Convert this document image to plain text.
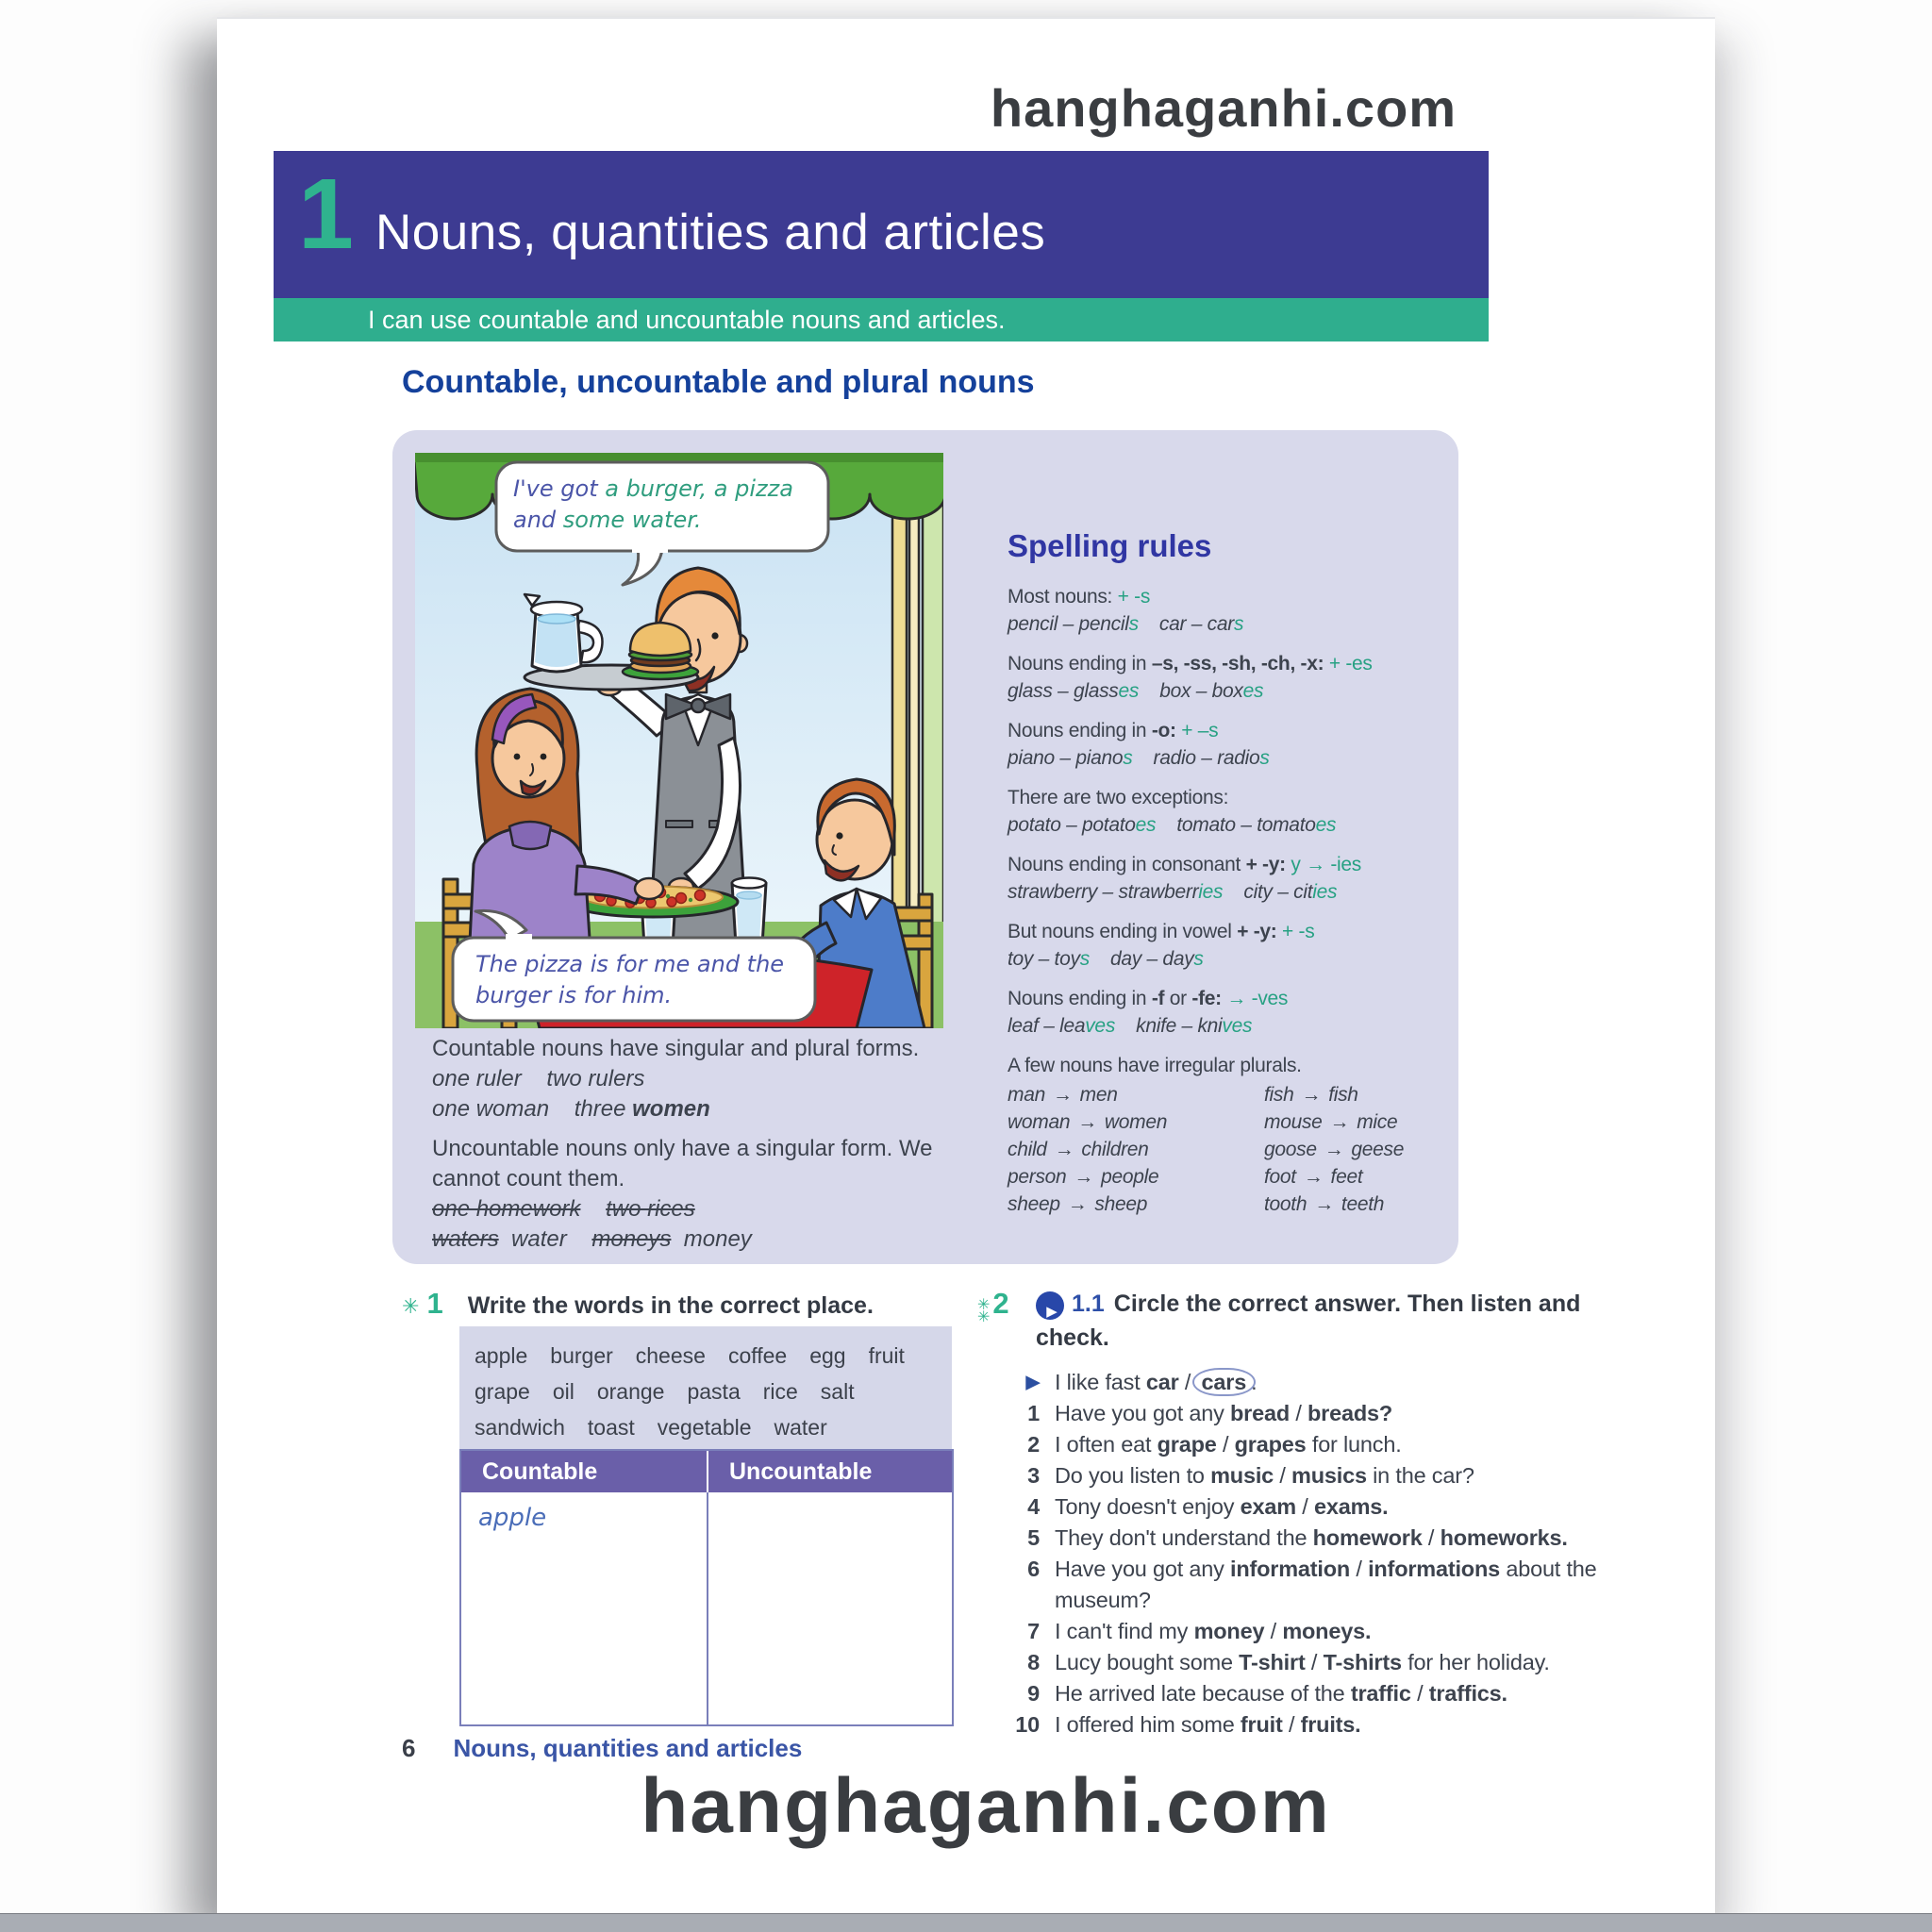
hanghaganhi.com
1 Nouns, quantities and articles
I can use countable and uncountable nouns and articles.
Countable, uncountable and plural nouns
I've got a burger, a pizza and some water.
The pizza is for me and the burger is for him.
Countable nouns have singular and plural forms.
one ruler    two rulers
one woman    three women
Uncountable nouns only have a singular form. We cannot count them.
one homework two rices
waters  water    moneys  money
Spelling rules
Most nouns: + -s
pencil – pencils    car – cars
Nouns ending in –s, -ss, -sh, -ch, -x: + -es
glass – glasses    box – boxes
Nouns ending in -o: + –s
piano – pianos    radio – radios
There are two exceptions:
potato – potatoes    tomato – tomatoes
Nouns ending in consonant + -y: y → -ies
strawberry – strawberries    city – cities
But nouns ending in vowel + -y: + -s
toy – toys    day – days
Nouns ending in -f or -fe: → -ves
leaf – leaves    knife – knives
A few nouns have irregular plurals.
man → men
woman → women
child → children
person → people
sheep → sheep
fish → fish
mouse → mice
goose → geese
foot → feet
tooth → teeth
✳ 1 Write the words in the correct place.
apple burger cheese coffee egg fruit
grape oil orange pasta rice salt
sandwich toast vegetable water
Countable	Uncountable
apple
✳
✳ 2	▶ 1.1 Circle the correct answer. Then listen and check.
▶ I like fast car / cars .
1 Have you got any bread / breads?
2 I often eat grape / grapes for lunch.
3 Do you listen to music / musics in the car?
4 Tony doesn't enjoy exam / exams.
5 They don't understand the homework / homeworks.
6 Have you got any information / informations about the museum?
7 I can't find my money / moneys.
8 Lucy bought some T-shirt / T-shirts for her holiday.
9 He arrived late because of the traffic / traffics.
10 I offered him some fruit / fruits.
6 Nouns, quantities and articles
hanghaganhi.com
